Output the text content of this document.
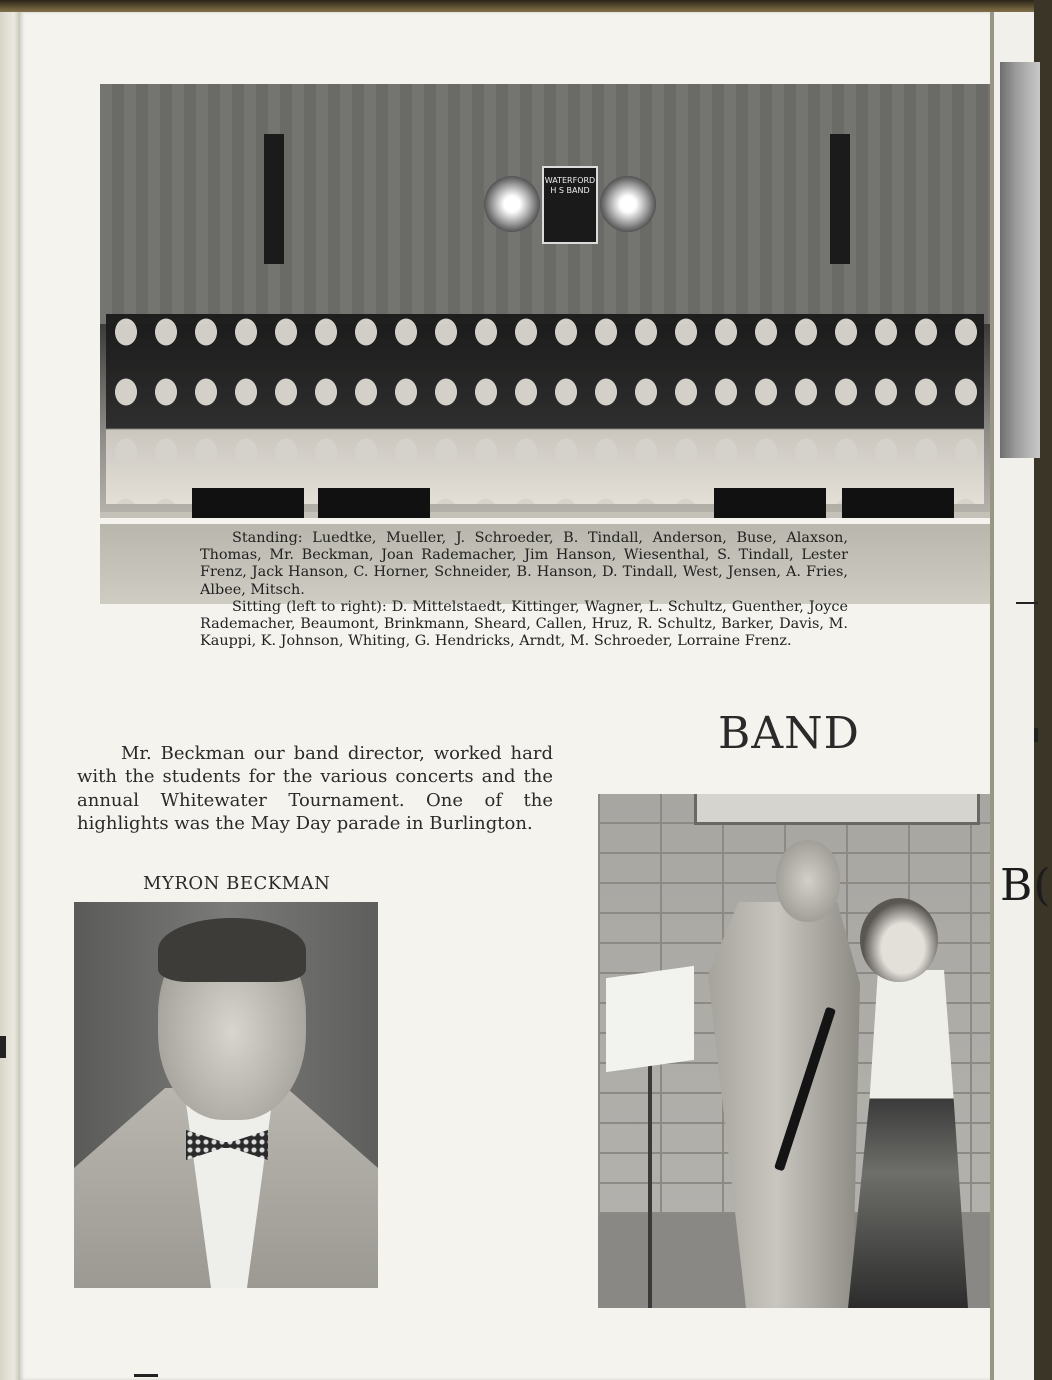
WATERFORD H S BAND

Standing: Luedtke, Mueller, J. Schroeder, B. Tindall, Anderson, Buse, Alaxson, Thomas, Mr. Beckman, Joan Rademacher, Jim Hanson, Wiesenthal, S. Tindall, Lester Frenz, Jack Hanson, C. Horner, Schneider, B. Hanson, D. Tindall, West, Jensen, A. Fries, Albee, Mitsch.

Sitting (left to right): D. Mittelstaedt, Kittinger, Wagner, L. Schultz, Guenther, Joyce Rademacher, Beaumont, Brinkmann, Sheard, Callen, Hruz, R. Schultz, Barker, Davis, M. Kauppi, K. Johnson, Whiting, G. Hendricks, Arndt, M. Schroeder, Lorraine Frenz.

BAND
Mr. Beckman our band director, worked hard with the students for the various concerts and the annual Whitewater Tournament. One of the highlights was the May Day parade in Burlington.
MYRON BECKMAN	B(
